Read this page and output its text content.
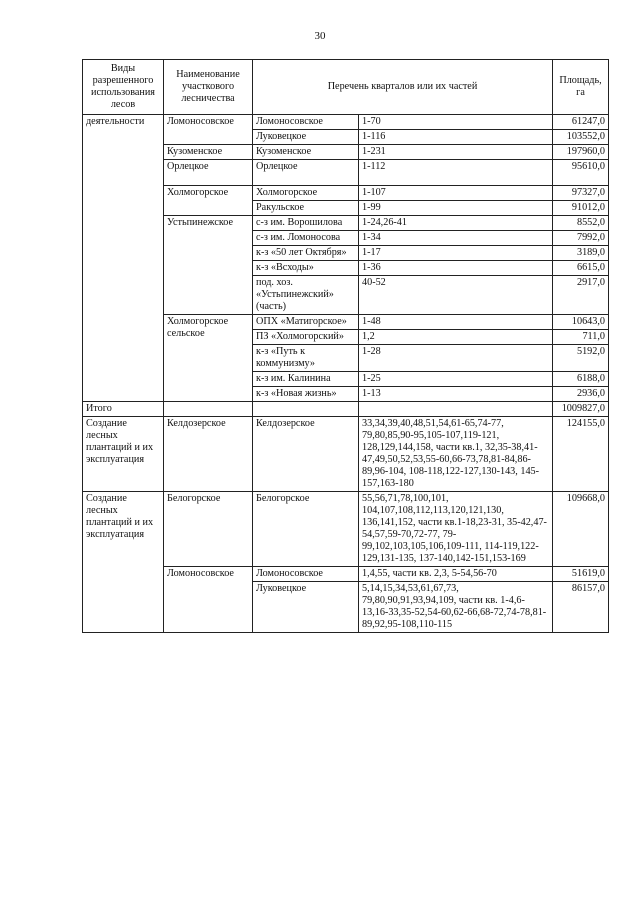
30
Виды разрешенного использования лесов	Наименование участкового лесничества	Перечень кварталов или их частей		Площадь, га
деятельности	Ломоносовское	Ломоносовское	1-70	61247,0
		Луковецкое	1-116	103552,0
	Кузоменское	Кузоменское	1-231	197960,0
	Орлецкое	Орлецкое	1-112	95610,0
	Холмогорское	Холмогорское	1-107	97327,0
		Ракульское	1-99	91012,0
	Устьпинежское	с-з им. Ворошилова	1-24,26-41	8552,0
		с-з им. Ломоносова	1-34	7992,0
		к-з «50 лет Октября»	1-17	3189,0
		к-з «Всходы»	1-36	6615,0
		под. хоз. «Устьпинежский» (часть)	40-52	2917,0
	Холмогорское сельское	ОПХ «Матигорское»	1-48	10643,0
		ПЗ «Холмогорский»	1,2	711,0
		к-з «Путь к коммунизму»	1-28	5192,0
		к-з им. Калинина	1-25	6188,0
		к-з «Новая жизнь»	1-13	2936,0
Итого				1009827,0
Создание лесных плантаций и их эксплуатация	Келдозерское	Келдозерское	33,34,39,40,48,51,54,61-65,74-77, 79,80,85,90-95,105-107,119-121, 128,129,144,158, части кв.1, 32,35-38,41-47,49,50,52,53,55-60,66-73,78,81-84,86-89,96-104, 108-118,122-127,130-143, 145-157,163-180	124155,0
Создание лесных плантаций и их эксплуатация	Белогорское	Белогорское	55,56,71,78,100,101, 104,107,108,112,113,120,121,130, 136,141,152, части кв.1-18,23-31, 35-42,47-54,57,59-70,72-77, 79-99,102,103,105,106,109-111, 114-119,122-129,131-135, 137-140,142-151,153-169	109668,0
	Ломоносовское	Ломоносовское	1,4,55, части кв. 2,3, 5-54,56-70	51619,0
		Луковецкое	5,14,15,34,53,61,67,73, 79,80,90,91,93,94,109, части кв. 1-4,6-13,16-33,35-52,54-60,62-66,68-72,74-78,81-89,92,95-108,110-115	86157,0
